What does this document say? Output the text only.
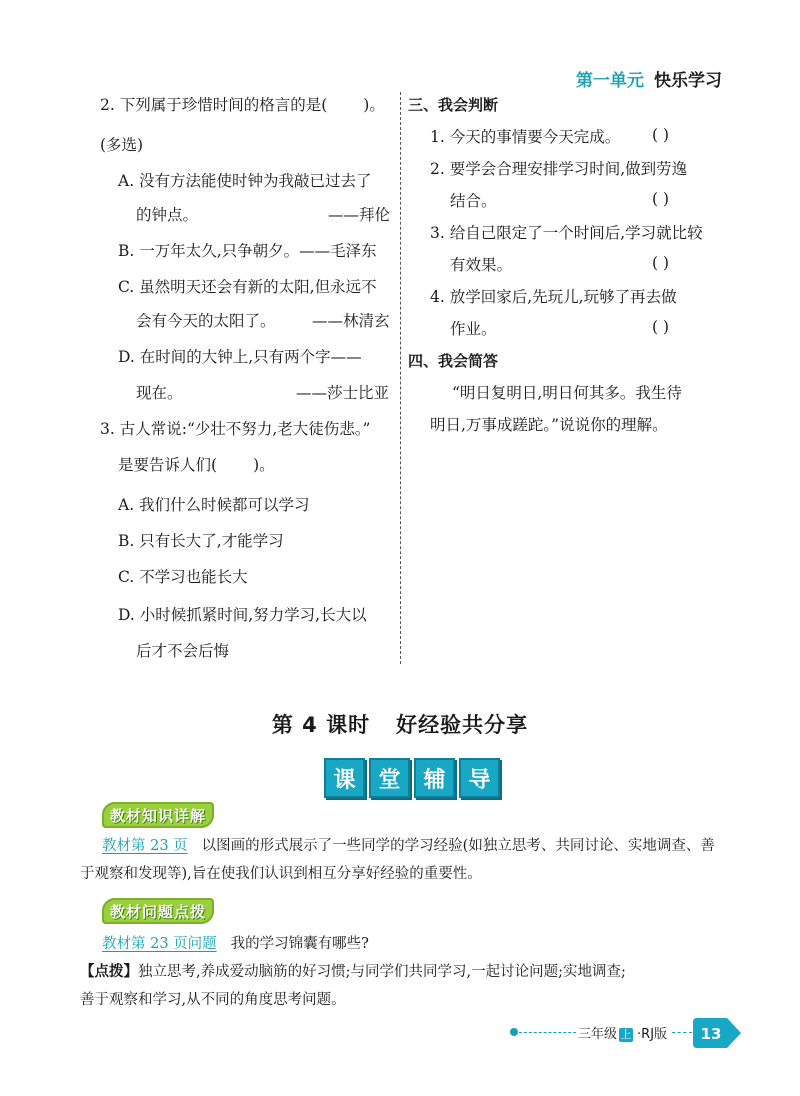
第一单元 快乐学习
2. 下列属于珍惜时间的格言的是( )。
(多选)
A. 没有方法能使时钟为我敲已过去了
的钟点。	——拜伦
B. 一万年太久,只争朝夕。——毛泽东
C. 虽然明天还会有新的太阳,但永远不
会有今天的太阳了。 ——林清玄
D. 在时间的大钟上,只有两个字——
现在。	——莎士比亚
3. 古人常说:“少壮不努力,老大徒伤悲。”
是要告诉人们( )。
A. 我们什么时候都可以学习
B. 只有长大了,才能学习
C. 不学习也能长大
D. 小时候抓紧时间,努力学习,长大以
后才不会后悔
三、我会判断
1. 今天的事情要今天完成。 ( )
2. 要学会合理安排学习时间,做到劳逸
结合。	( )
3. 给自己限定了一个时间后,学习就比较
有效果。	( )
4. 放学回家后,先玩儿,玩够了再去做
作业。	( )
四、我会简答
“明日复明日,明日何其多。我生待
明日,万事成蹉跎。”说说你的理解。
第 4 课时 好经验共分享
课	堂	辅	导
教材知识详解
教材第 23 页 以图画的形式展示了一些同学的学习经验(如独立思考、共同讨论、实地调查、善
于观察和发现等),旨在使我们认识到相互分享好经验的重要性。
教材问题点拨
教材第 23 页问题 我的学习锦囊有哪些?
【点拨】独立思考,养成爱动脑筋的好习惯;与同学们共同学习,一起讨论问题;实地调查;
善于观察和学习,从不同的角度思考问题。
三年级 上 ·RJ版 13
